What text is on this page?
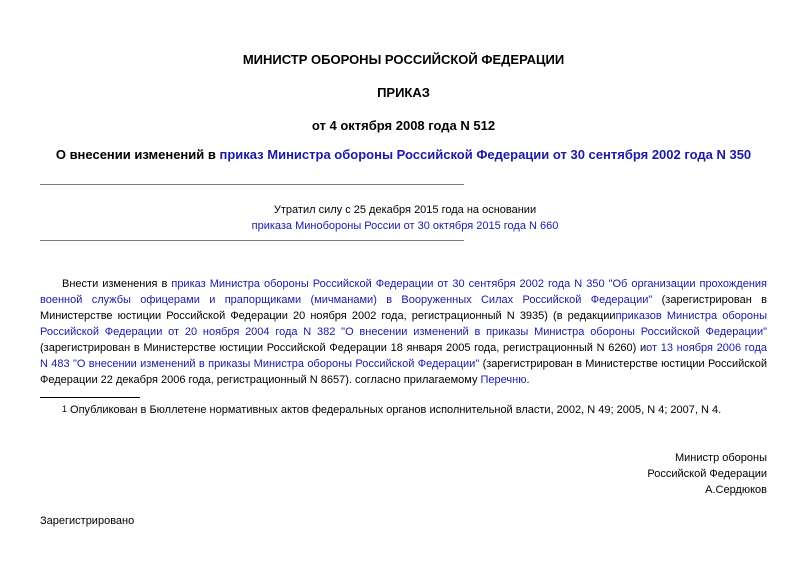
МИНИСТР ОБОРОНЫ РОССИЙСКОЙ ФЕДЕРАЦИИ
ПРИКАЗ
от 4 октября 2008 года N 512
О внесении изменений в приказ Министра обороны Российской Федерации от 30 сентября 2002 года N 350
Утратил силу с 25 декабря 2015 года на основании
приказа Минобороны России от 30 октября 2015 года N 660
Внести изменения в приказ Министра обороны Российской Федерации от 30 сентября 2002 года N 350 "Об организации прохождения военной службы офицерами и прапорщиками (мичманами) в Вооруженных Силах Российской Федерации" (зарегистрирован в Министерстве юстиции Российской Федерации 20 ноября 2002 года, регистрационный N 3935) (в редакцииприказов Министра обороны Российской Федерации от 20 ноября 2004 года N 382 "О внесении изменений в приказы Министра обороны Российской Федерации"(зарегистрирован в Министерстве юстиции Российской Федерации 18 января 2005 года, регистрационный N 6260) иот 13 ноября 2006 года N 483 "О внесении изменений в приказы Министра обороны Российской Федерации" (зарегистрирован в Министерстве юстиции Российской Федерации 22 декабря 2006 года, регистрационный N 8657). согласно прилагаемому Перечню.
1 Опубликован в Бюллетене нормативных актов федеральных органов исполнительной власти, 2002, N 49; 2005, N 4; 2007, N 4.
Министр обороны
Российской Федерации
А.Сердюков
Зарегистрировано
